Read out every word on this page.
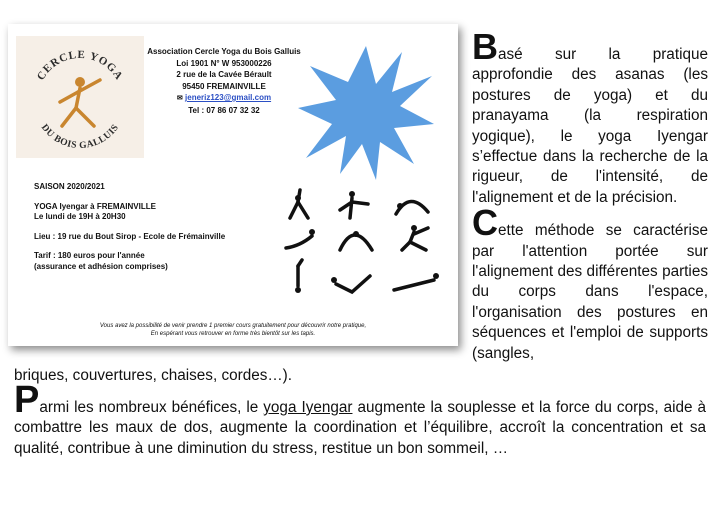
CERCLE YOGA
DU BOIS GALLUIS
Association Cercle Yoga du Bois Galluis
Loi 1901 N° W 953000226
2 rue de la Cavée Bérault
95450 FREMAINVILLE
✉ jeneriz123@gmail.com
Tel : 07 86 07 32 32
SAISON 2020/2021
YOGA Iyengar à FREMAINVILLE
Le lundi de 19H à 20H30
Lieu : 19 rue du Bout Sirop - Ecole de Frémainville
Tarif : 180 euros pour l'année
(assurance et adhésion comprises)
Vous avez la possibilité de venir prendre 1 premier cours gratuitement pour découvrir notre pratique,
En espérant vous retrouver en forme très bientôt sur les tapis.

Basé sur la pratique approfondie des asanas (les postures de yoga) et du pranayama (la respiration yogique), le yoga Iyengar s’effectue dans la recherche de la rigueur, de l'intensité, de l'alignement et de la précision.

Cette méthode se caractérise par l'attention portée sur l'alignement des différentes parties du corps dans l'espace, l'organisation des postures en séquences et l'emploi de supports (sangles,

briques, couvertures, chaises, cordes…).
Parmi les nombreux bénéfices, le yoga Iyengar augmente la souplesse et la force du corps, aide à combattre les maux de dos, augmente la coordination et l’équilibre, accroît la concentration et sa qualité, contribue à une diminution du stress, restitue un bon sommeil, …
